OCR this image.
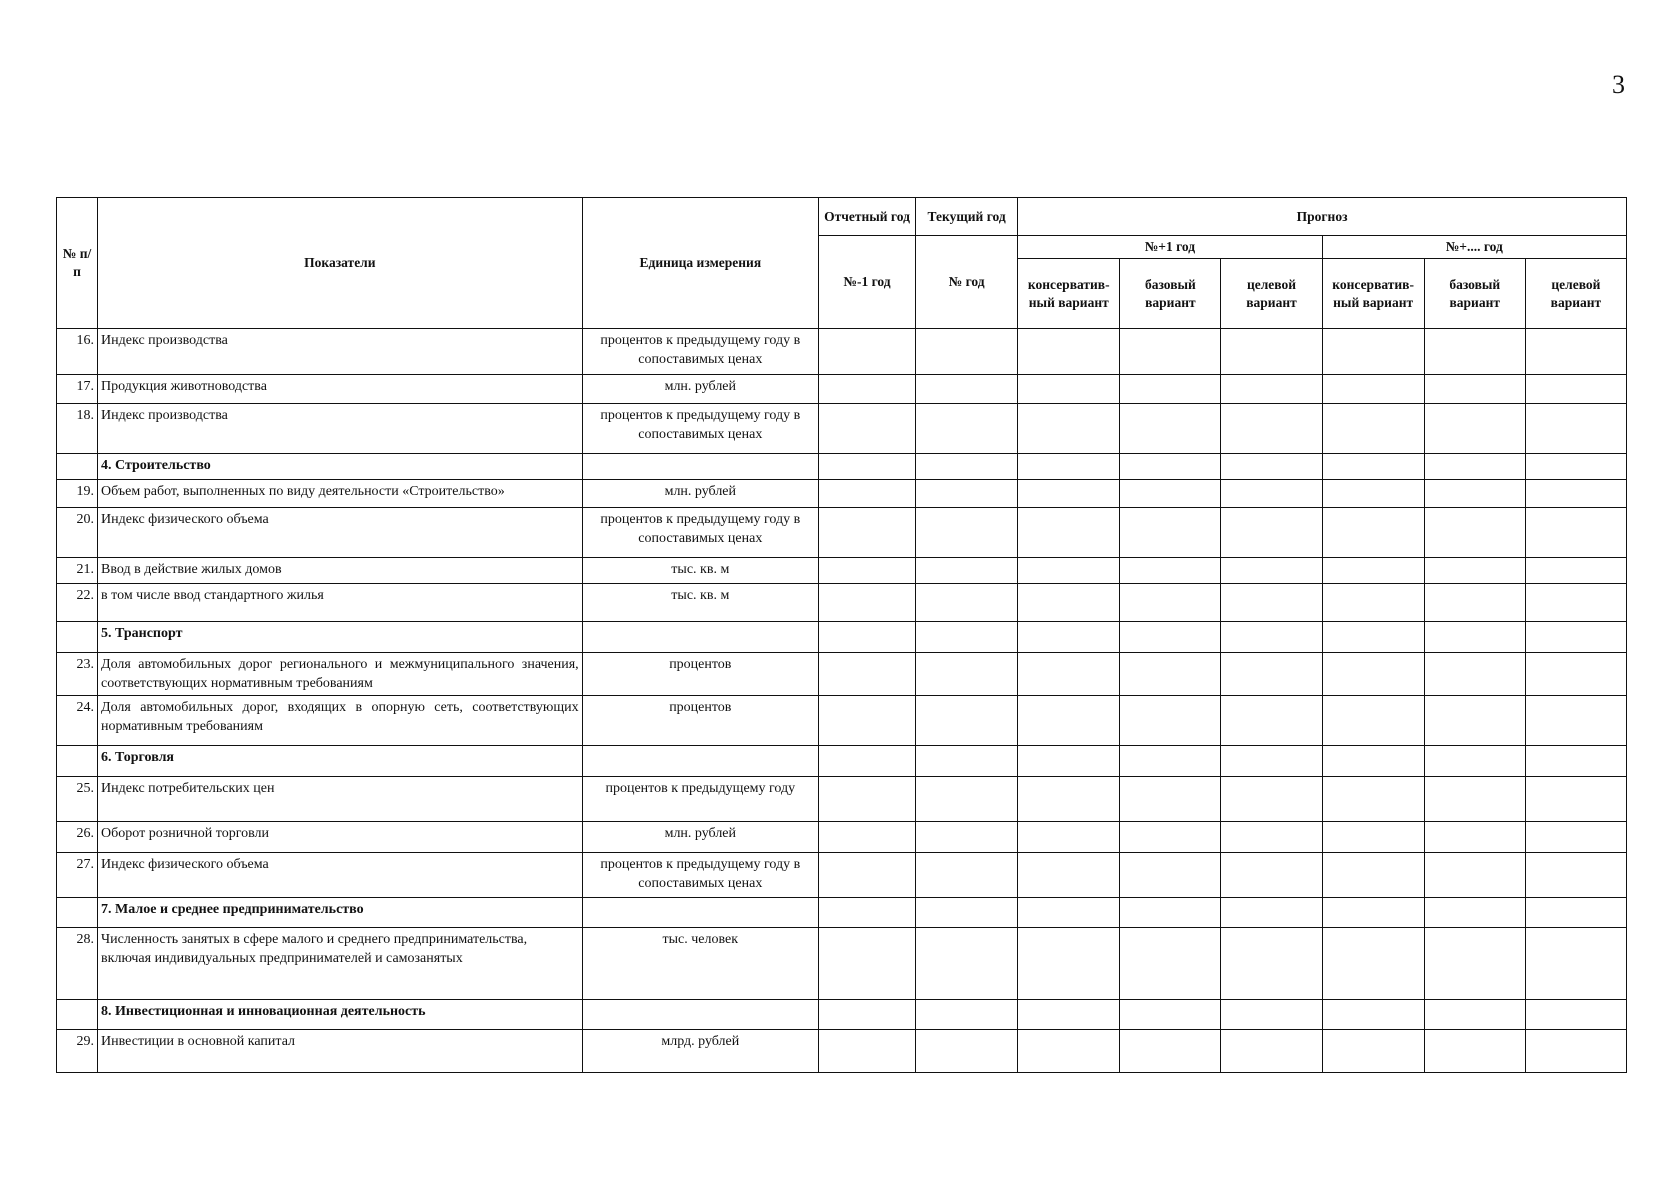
3
№ п/п	Показатели	Единица измерения	Отчетный год	Текущий год	Прогноз					
			№-1 год	№ год	№+1 год			№+.... год		
					консерватив-ный вариант	базовый вариант	целевой вариант	консерватив-ный вариант	базовый вариант	целевой вариант
16.	Индекс производства	процентов к предыдущему году в сопоставимых ценах								
17.	Продукция животноводства	млн. рублей								
18.	Индекс производства	процентов к предыдущему году в сопоставимых ценах								
	4. Строительство									
19.	Объем работ, выполненных по виду деятельности «Строительство»	млн. рублей								
20.	Индекс физического объема	процентов к предыдущему году в сопоставимых ценах								
21.	Ввод в действие жилых домов	тыс. кв. м								
22.	в том числе ввод стандартного жилья	тыс. кв. м								
	5. Транспорт									
23.	Доля автомобильных дорог регионального и межмуниципального значения, соответствующих нормативным требованиям	процентов								
24.	Доля автомобильных дорог, входящих в опорную сеть, соответствующих нормативным требованиям	процентов								
	6. Торговля									
25.	Индекс потребительских цен	процентов к предыдущему году								
26.	Оборот розничной торговли	млн. рублей								
27.	Индекс физического объема	процентов к предыдущему году в сопоставимых ценах								
	7. Малое и среднее предпринимательство									
28.	Численность занятых в сфере малого и среднего предпринимательства, включая индивидуальных предпринимателей и самозанятых	тыс. человек								
	8. Инвестиционная и инновационная деятельность									
29.	Инвестиции в основной капитал	млрд. рублей								
